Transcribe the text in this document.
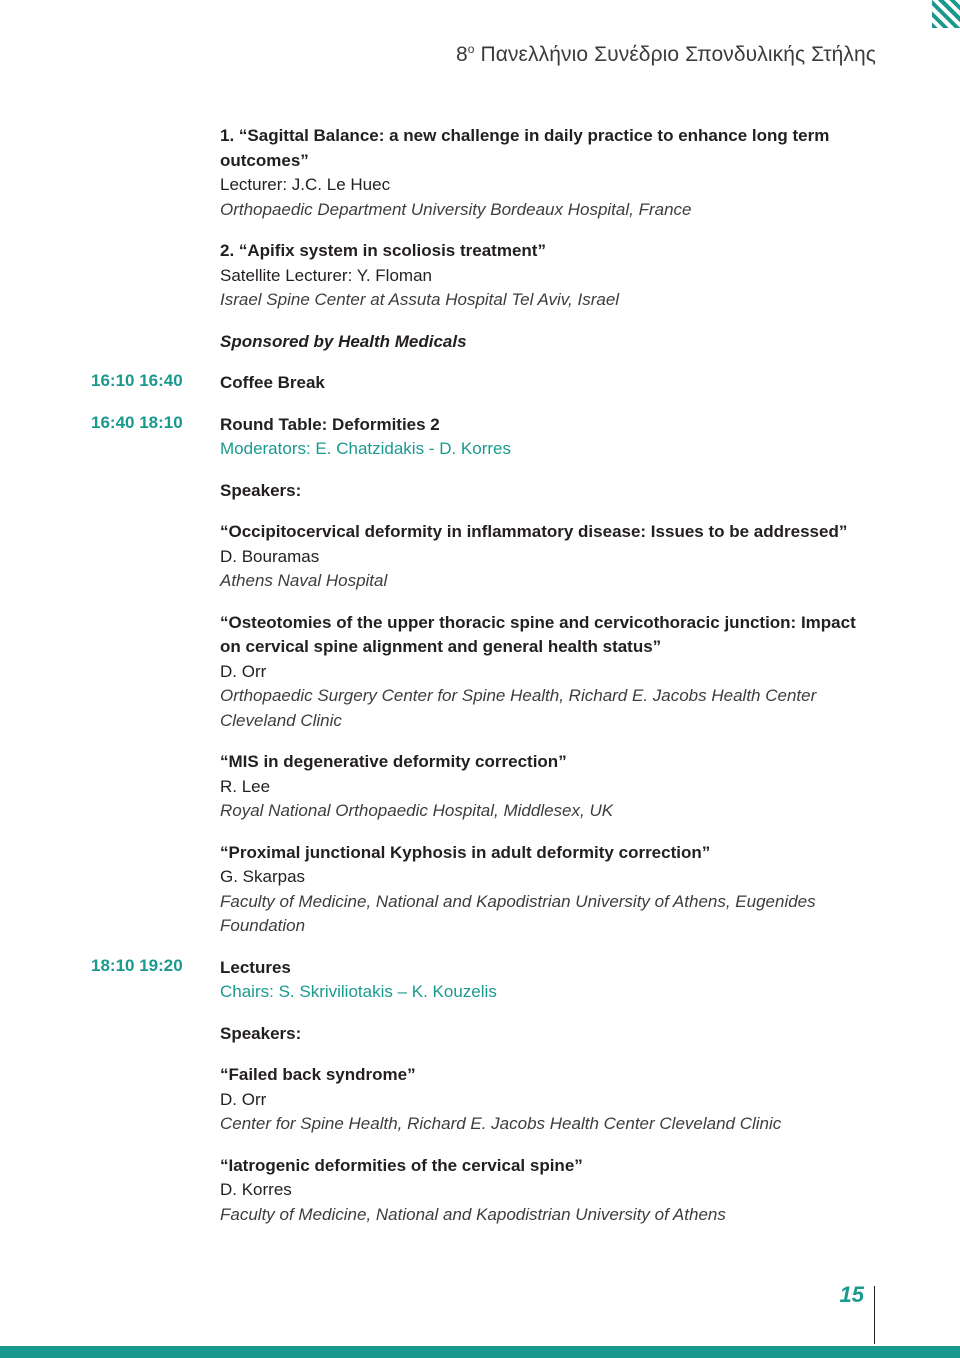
$8^o$ Πανελλήνιο Συνέδριο Σπονδυλικής Στήλης
1. “Sagittal Balance: a new challenge in daily practice to enhance long term outcomes”
Lecturer: J.C. Le Huec
Orthopaedic Department University Bordeaux Hospital, France
2. “Apifix system in scoliosis treatment”
Satellite Lecturer: Y. Floman
Israel Spine Center at Assuta Hospital Tel Aviv, Israel
Sponsored by Health Medicals
16:10 16:40	Coffee Break
16:40 18:10	Round Table: Deformities 2
Moderators: E. Chatzidakis - D. Korres
Speakers:
“Occipitocervical deformity in inflammatory disease: Issues to be addressed”
D. Bouramas
Athens Naval Hospital
“Osteotomies of the upper thoracic spine and cervicothoracic junction: Impact on cervical spine alignment and general health status”
D. Orr
Orthopaedic Surgery Center for Spine Health, Richard E. Jacobs Health Center Cleveland Clinic
“MIS in degenerative deformity correction”
R. Lee
Royal National Orthopaedic Hospital, Middlesex, UK
“Proximal junctional Kyphosis in adult deformity correction”
G. Skarpas
Faculty of Medicine, National and Kapodistrian University of Athens, Eugenides Foundation
18:10 19:20	Lectures
Chairs: S. Skriviliotakis – K. Kouzelis
Speakers:
“Failed back syndrome”
D. Orr
Center for Spine Health, Richard E. Jacobs Health Center Cleveland Clinic
“Iatrogenic deformities of the cervical spine”
D. Korres
Faculty of Medicine, National and Kapodistrian University of Athens
15
